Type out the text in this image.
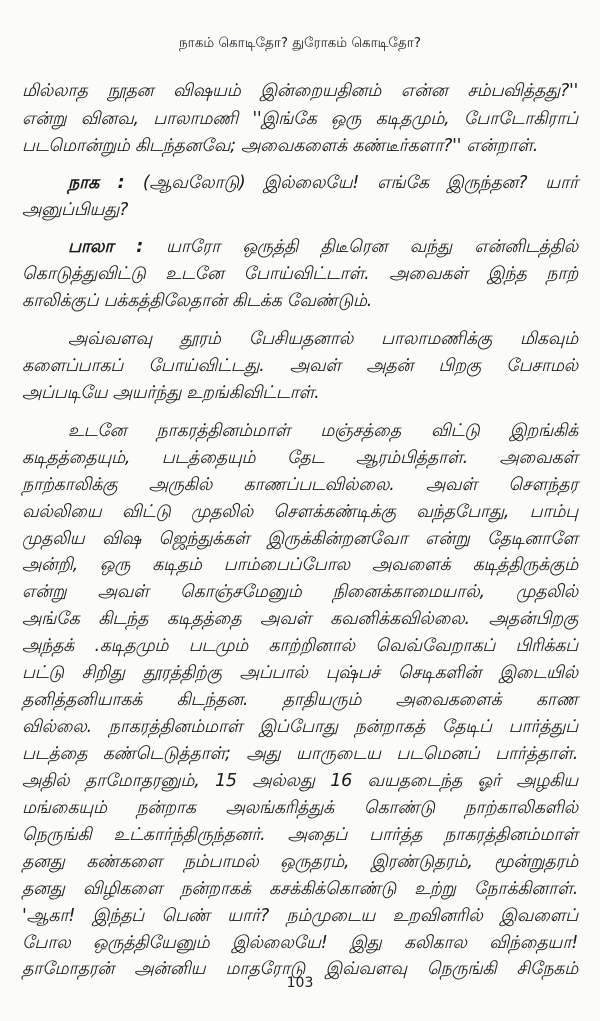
நாகம் கொடிதோ? துரோகம் கொடிதோ?
மில்லாத நூதன விஷயம் இன்றையதினம் என்ன சம்பவித்தது?''
என்று வினவ, பாலாமணி ''இங்கே ஒரு கடிதமும், போடோகிராப்
படமொன்றும் கிடந்தனவே; அவைகளைக் கண்டீர்களா?'' என்றாள்.
நாக : (ஆவலோடு) இல்லையே! எங்கே இருந்தன? யார்
அனுப்பியது?
பாலா : யாரோ ஒருத்தி திடீரென வந்து என்னிடத்தில்
கொடுத்துவிட்டு உடனே போய்விட்டாள். அவைகள் இந்த நாற்
காலிக்குப் பக்கத்திலேதான் கிடக்க வேண்டும்.
அவ்வளவு தூரம் பேசியதனால் பாலாமணிக்கு மிகவும்
களைப்பாகப் போய்விட்டது. அவள் அதன் பிறகு பேசாமல்
அப்படியே அயர்ந்து உறங்கிவிட்டாள்.
உடனே நாகரத்தினம்மாள் மஞ்சத்தை விட்டு இறங்கிக்
கடிதத்தையும், படத்தையும் தேட ஆரம்பித்தாள். அவைகள்
நாற்காலிக்கு அருகில் காணப்படவில்லை. அவள் சௌந்தர
வல்லியை விட்டு முதலில் சௌக்கண்டிக்கு வந்தபோது, பாம்பு
முதலிய விஷ ஜெந்துக்கள் இருக்கின்றனவோ என்று தேடினாளே
அன்றி, ஒரு கடிதம் பாம்பைப்போல அவளைக் கடித்திருக்கும்
என்று அவள் கொஞ்சமேனும் நினைக்காமையால், முதலில்
அங்கே கிடந்த கடிதத்தை அவள் கவனிக்கவில்லை. அதன்பிறகு
அந்தக் .கடிதமும் படமும் காற்றினால் வெவ்வேறாகப் பிரிக்கப்
பட்டு சிறிது தூரத்திற்கு அப்பால் புஷ்பச் செடிகளின் இடையில்
தனித்தனியாகக் கிடந்தன. தாதியரும் அவைகளைக் காண
வில்லை. நாகரத்தினம்மாள் இப்போது நன்றாகத் தேடிப் பார்த்துப்
படத்தை கண்டெடுத்தாள்; அது யாருடைய படமெனப் பார்த்தாள்.
அதில் தாமோதரனும், 15 அல்லது 16 வயதடைந்த ஓர் அழகிய
மங்கையும் நன்றாக அலங்கரித்துக் கொண்டு நாற்காலிகளில்
நெருங்கி உட்கார்ந்திருந்தனர். அதைப் பார்த்த நாகரத்தினம்மாள்
தனது கண்களை நம்பாமல் ஒருதரம், இரண்டுதரம், மூன்றுதரம்
தனது விழிகளை நன்றாகக் கசக்கிக்கொண்டு உற்று நோக்கினாள்.
'ஆகா! இந்தப் பெண் யார்? நம்முடைய உறவினரில் இவளைப்
போல ஒருத்தியேனும் இல்லையே! இது கலிகால விந்தையா!
தாமோதரன் அன்னிய மாதரோடு இவ்வளவு நெருங்கி சிநேகம்
103
